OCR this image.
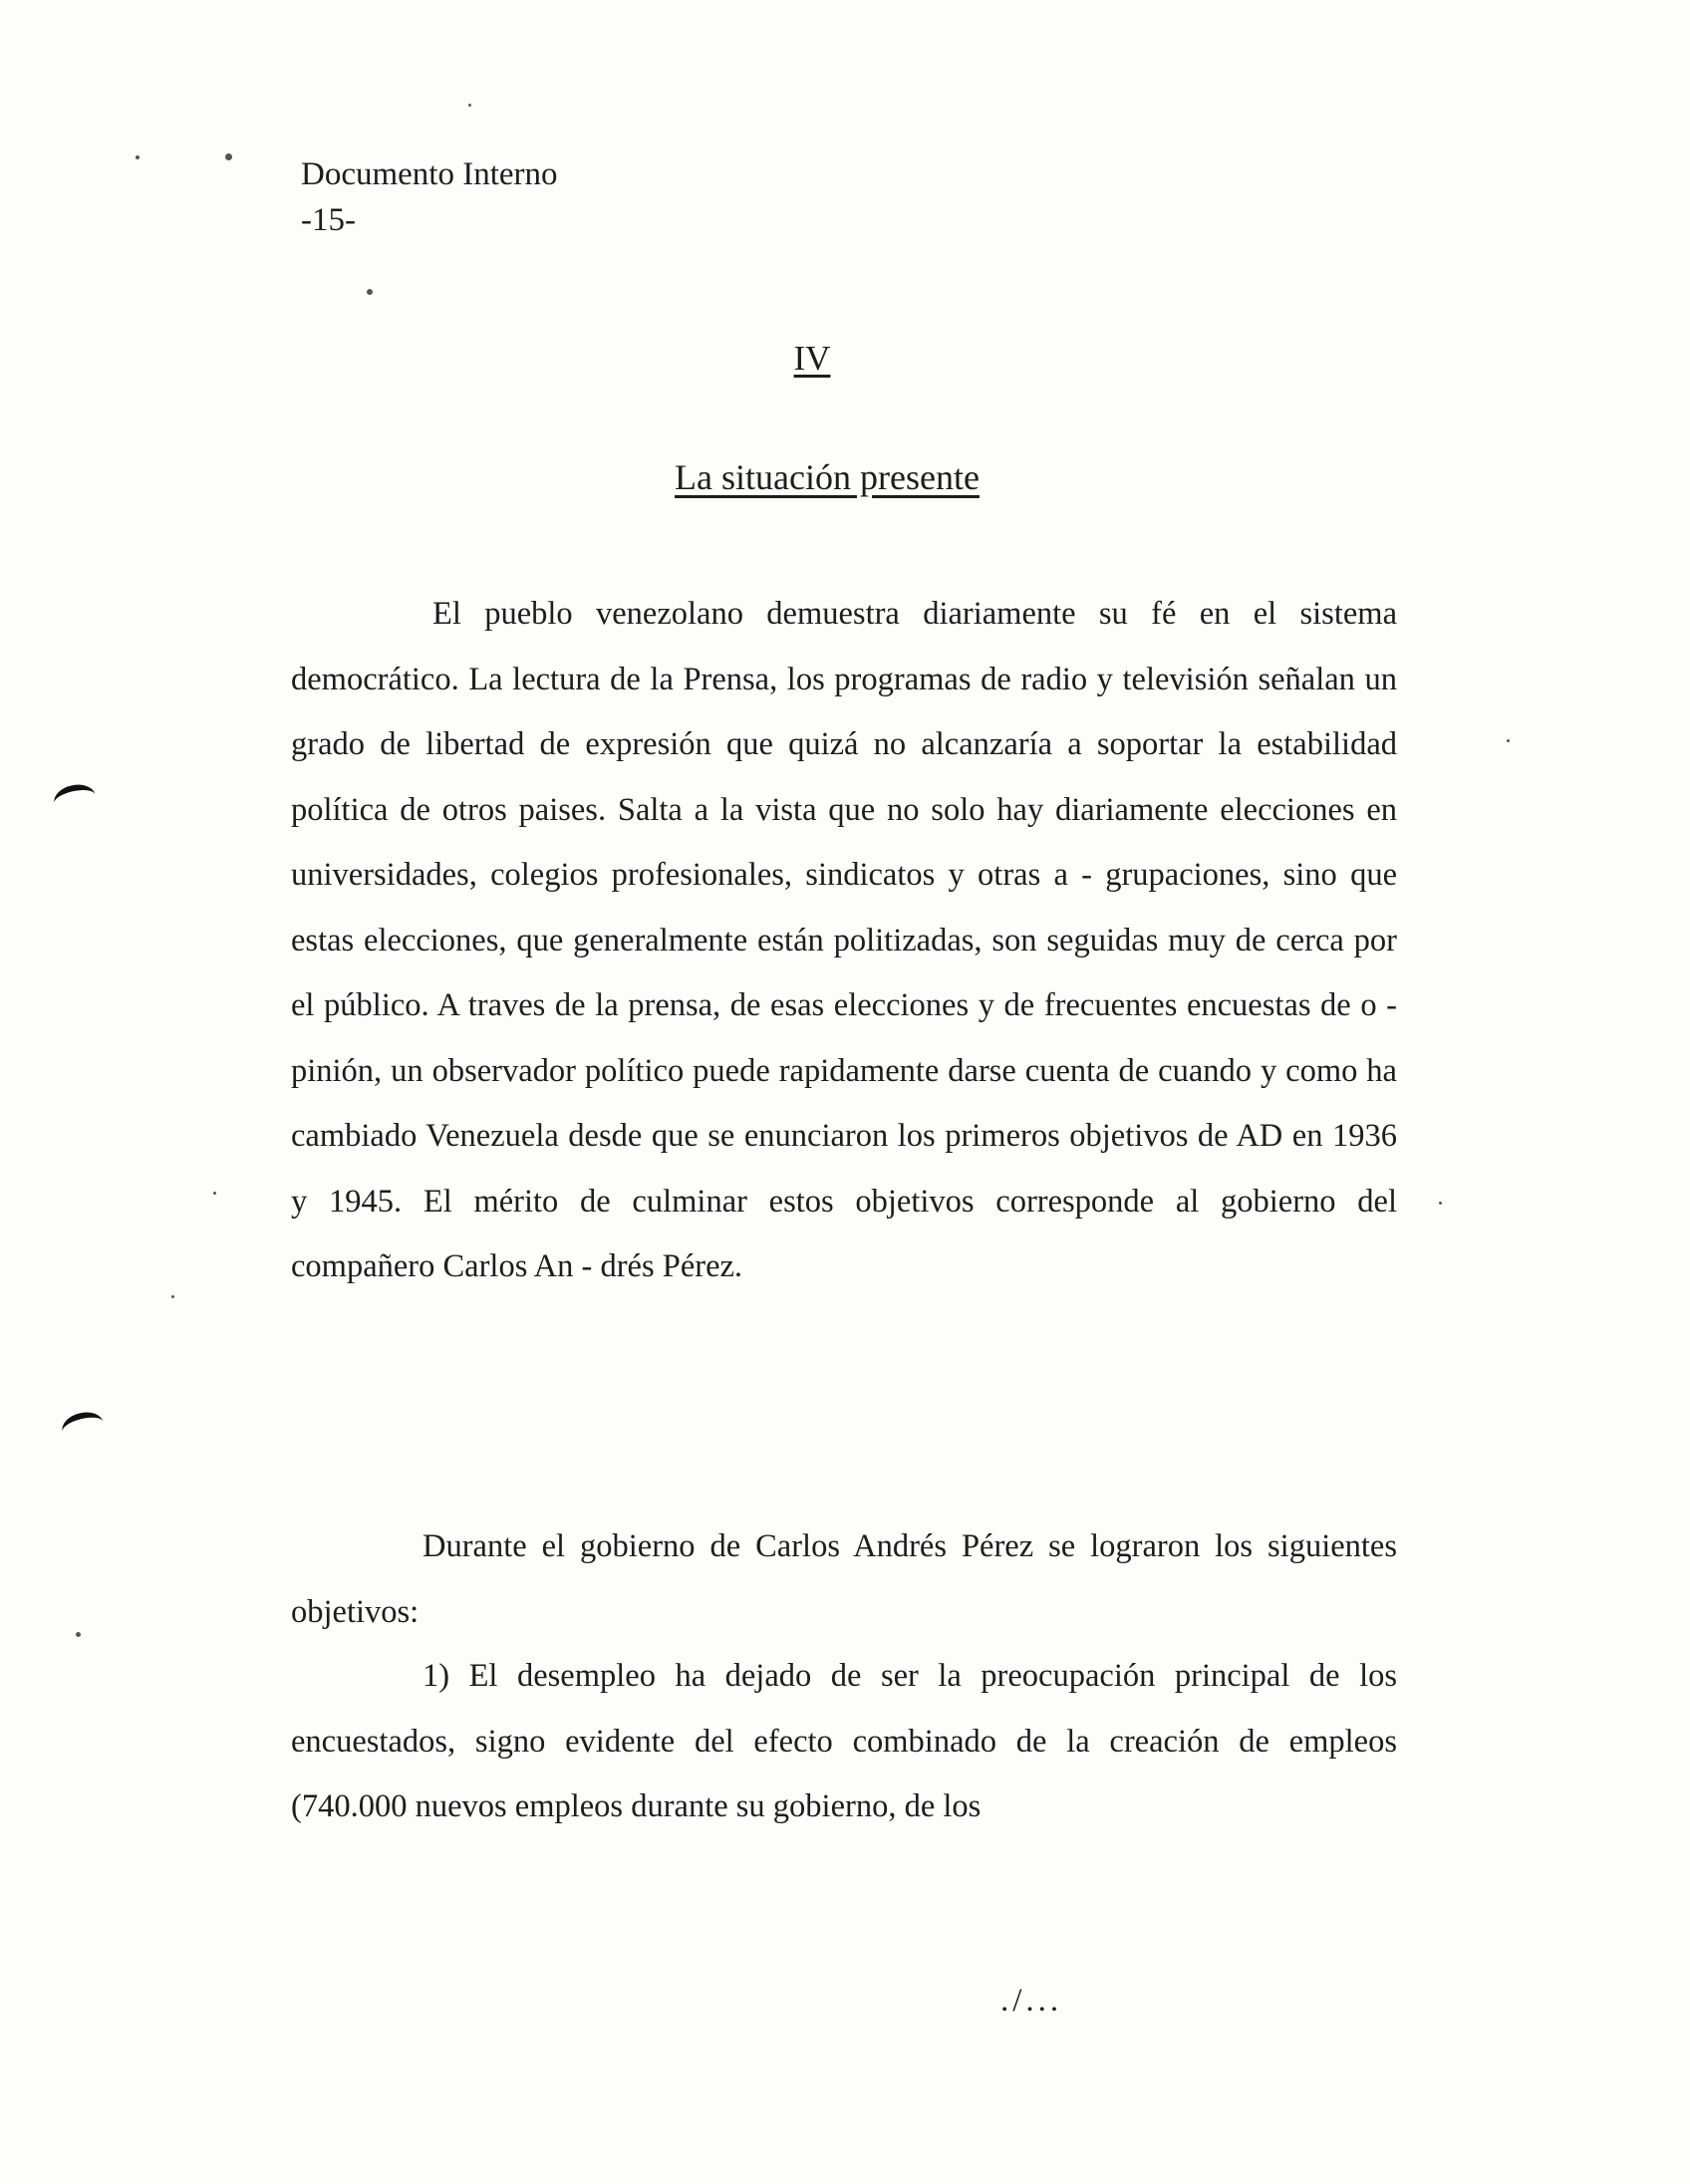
Documento Interno
-15-
IV
La situación presente

El pueblo venezolano demuestra diariamente su fé en el sistema democrático. La lectura de la Prensa, los programas de radio y televisión señalan un grado de libertad de expresión que quizá no alcanzaría a soportar la estabilidad política de otros paises. Salta a la vista que no solo hay diariamente elecciones en universidades, colegios profesionales, sindicatos y otras a - grupaciones, sino que estas elecciones, que generalmente están politizadas, son seguidas muy de cerca por el público. A traves de la prensa, de esas elecciones y de frecuentes encuestas de o - pinión, un observador político puede rapidamente darse cuenta de cuando y como ha cambiado Venezuela desde que se enunciaron los primeros objetivos de AD en 1936 y 1945. El mérito de culminar estos objetivos corresponde al gobierno del compañero Carlos An - drés Pérez.

Durante el gobierno de Carlos Andrés Pérez se lograron los siguientes objetivos:

1) El desempleo ha dejado de ser la preocupación principal de los encuestados, signo evidente del efecto combinado de la creación de empleos (740.000 nuevos empleos durante su gobierno, de los

./...
